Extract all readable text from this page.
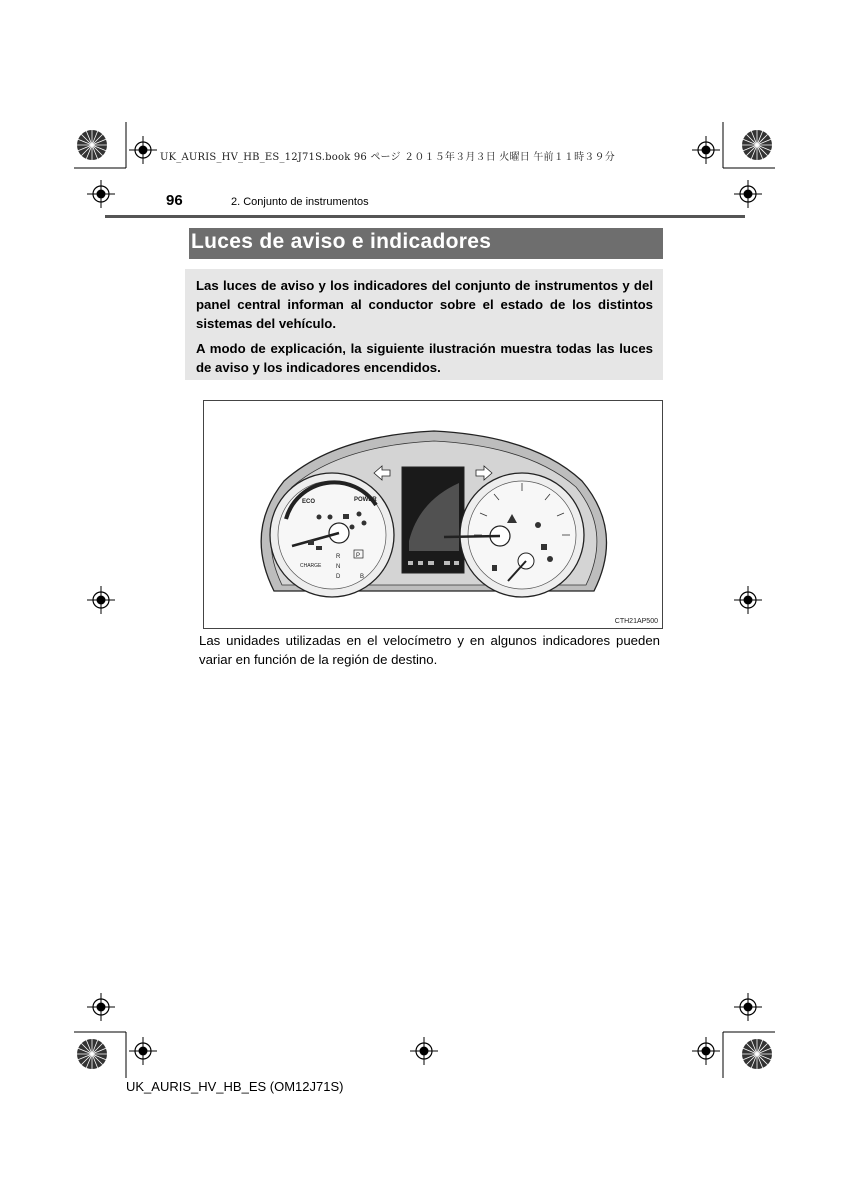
UK_AURIS_HV_HB_ES_12J71S.book 96 ページ ２０１５年３月３日 火曜日 午前１１時３９分
96	2. Conjunto de instrumentos
Luces de aviso e indicadores

Las luces de aviso y los indicadores del conjunto de instrumentos y del panel central informan al conductor sobre el estado de los distintos sistemas del vehículo.

A modo de explicación, la siguiente ilustración muestra todas las luces de aviso y los indicadores encendidos.

ECO	POWER
CHARGE
R
N
D	B
P
CTH21AP500
Las unidades utilizadas en el velocímetro y en algunos indicadores pueden variar en función de la región de destino.
UK_AURIS_HV_HB_ES (OM12J71S)
